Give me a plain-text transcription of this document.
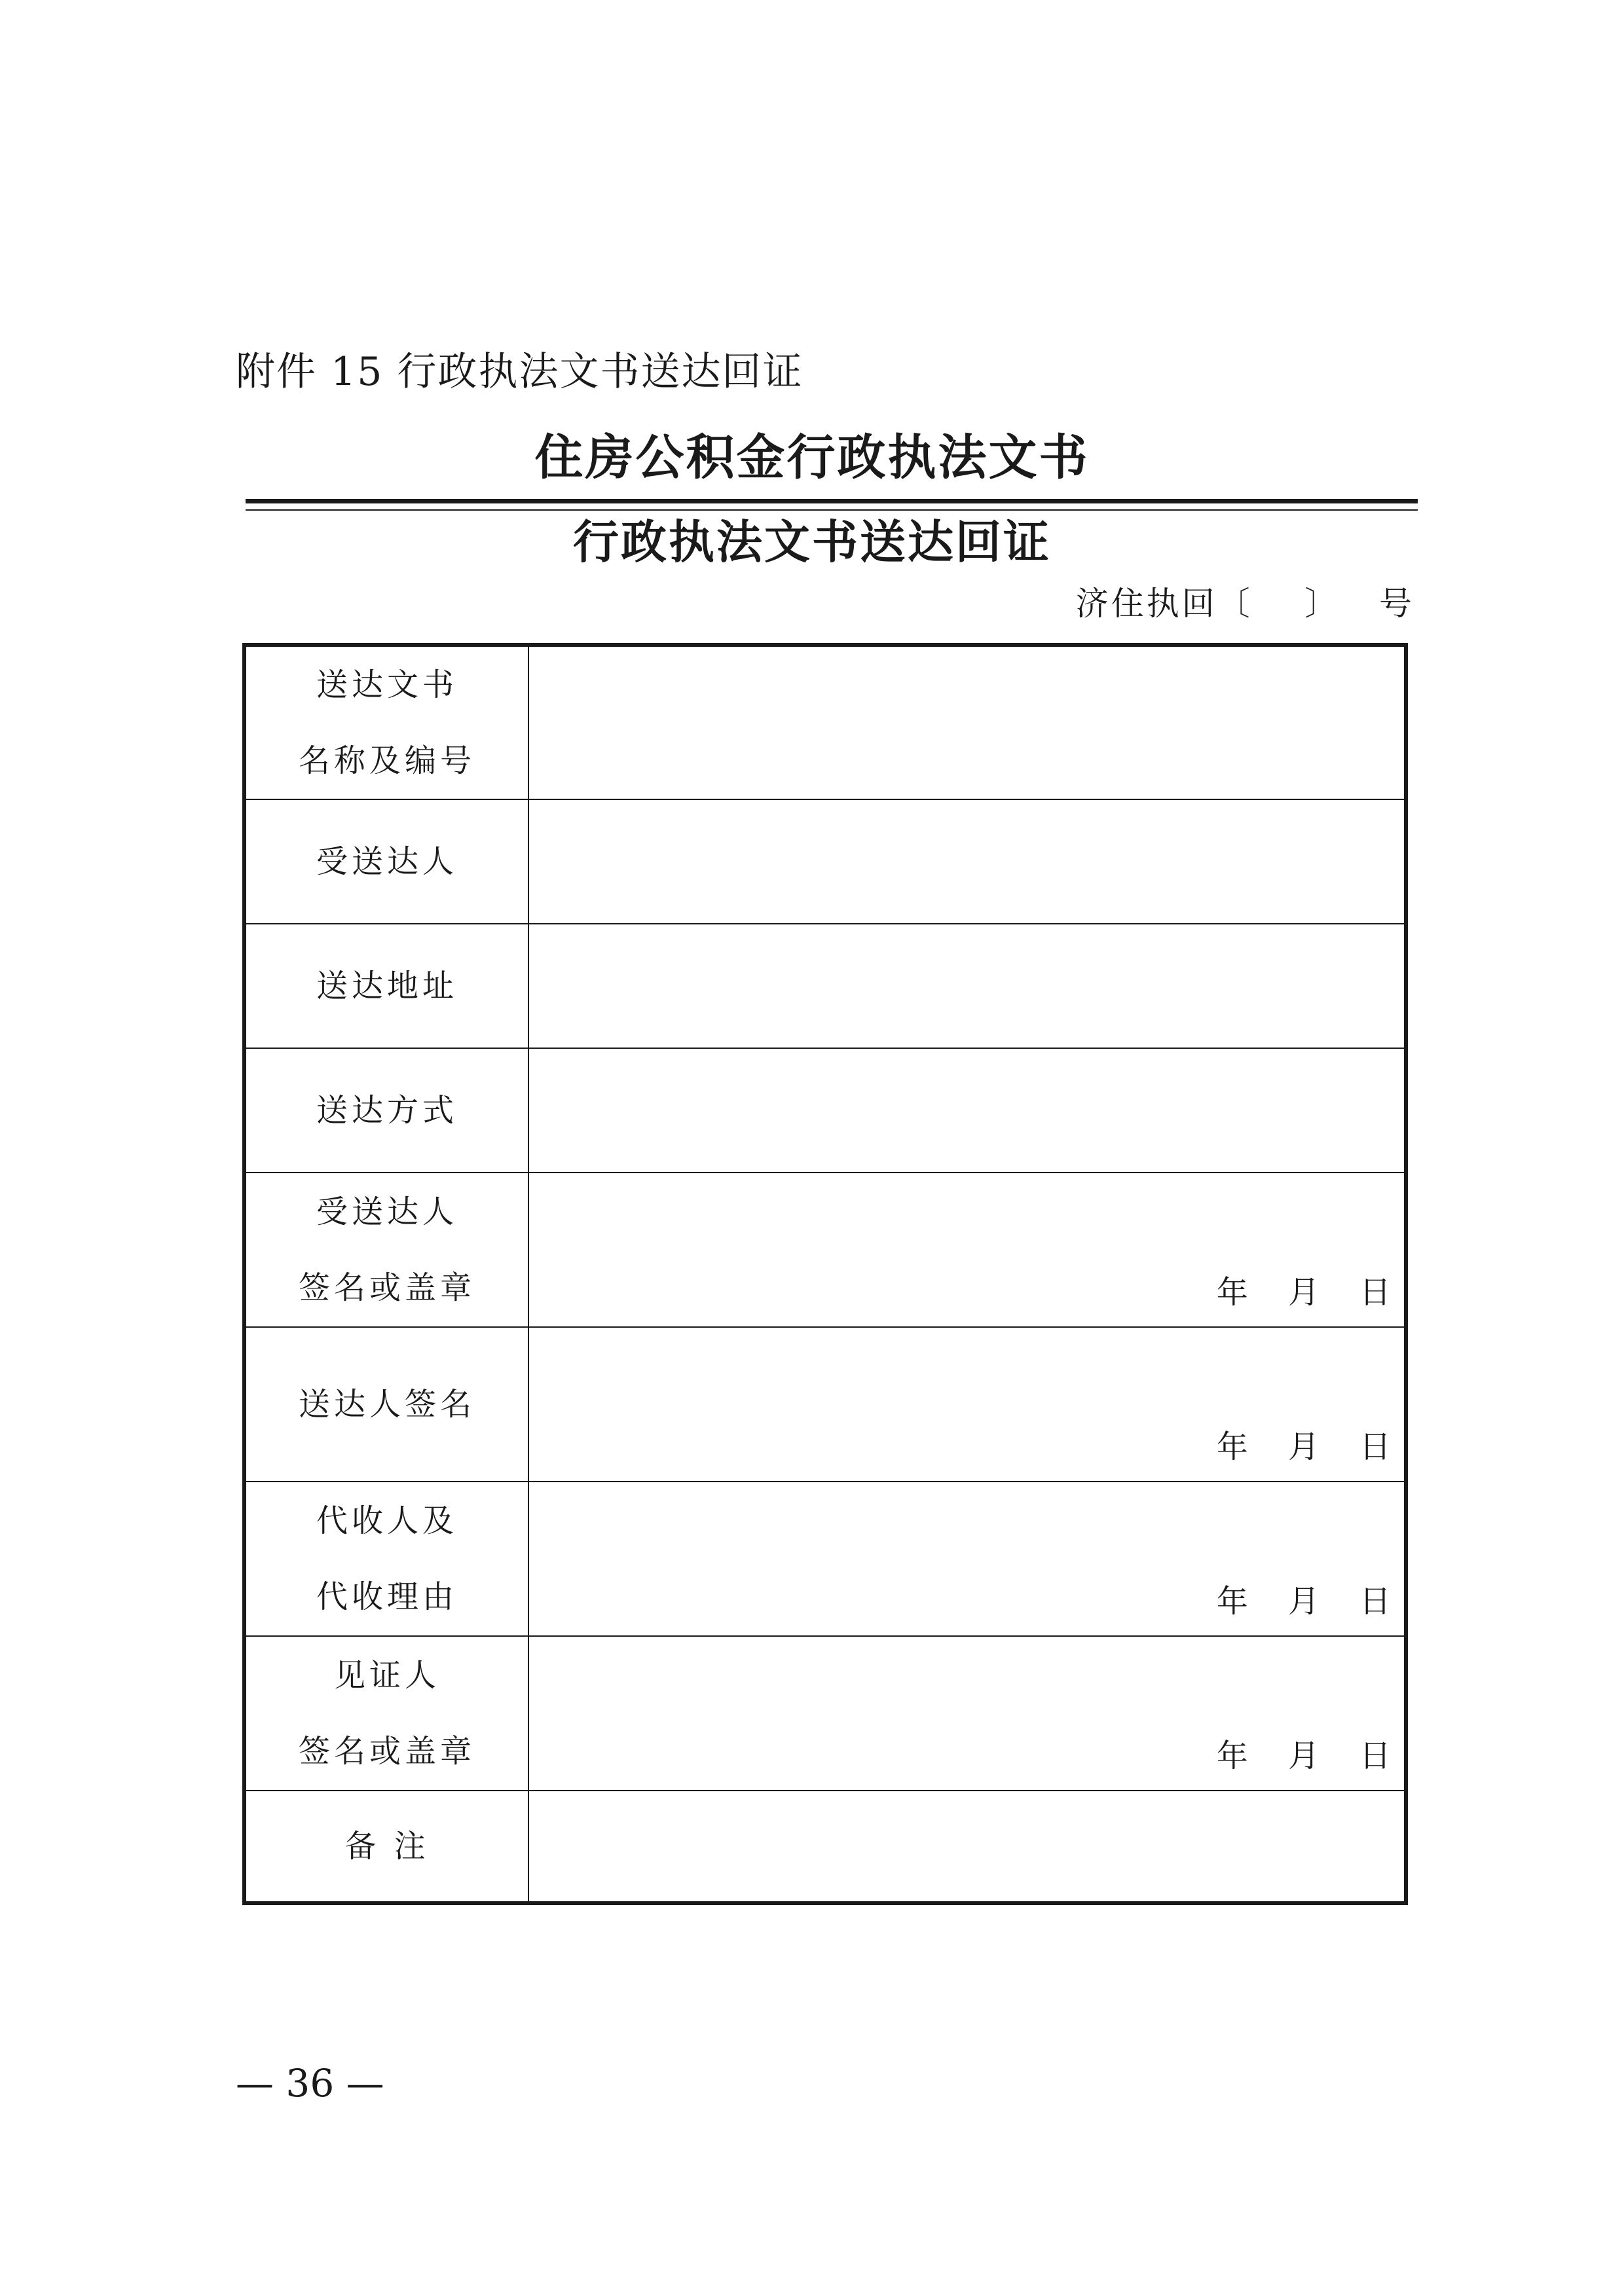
附件 15 行政执法文书送达回证
住房公积金行政执法文书
行政执法文书送达回证
济住执回〔    〕   号
送达文书
名称及编号	

受送达人	

送达地址	

送达方式	

受送达人
签名或盖章	年    月    日

送达人签名	年    月    日

代收人及
代收理由	年    月    日

见证人
签名或盖章	年    月    日

备 注	

— 36 —
